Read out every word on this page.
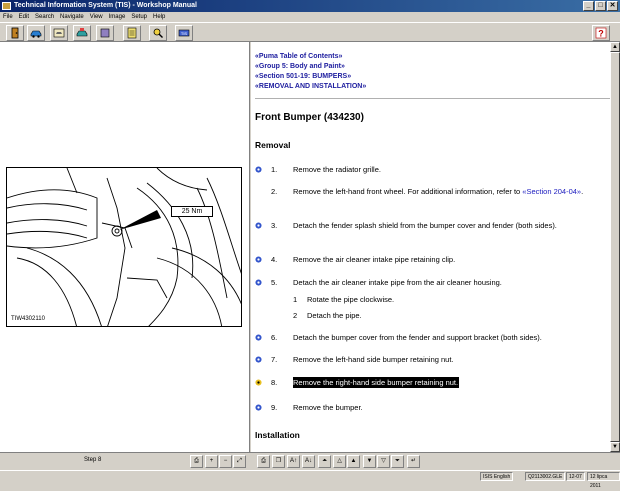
Technical Information System (TIS) - Workshop Manual	_	□ ✕
File	Edit	Search	Navigate	View	Image	Setup	Help
TIS	?
25 Nm
TIW4302110
«Puma Table of Contents»
«Group 5: Body and Paint»
«Section 501-19: BUMPERS»
«REMOVAL AND INSTALLATION»
Front Bumper (434230)
Removal
1. Remove the radiator grille.
2. Remove the left-hand front wheel. For additional information, refer to «Section 204-04».
3. Detach the fender splash shield from the bumper cover and fender (both sides).
4. Remove the air cleaner intake pipe retaining clip.
5. Detach the air cleaner intake pipe from the air cleaner housing.
1 Rotate the pipe clockwise.
2 Detach the pipe.
6. Detach the bumper cover from the fender and support bracket (both sides).
7. Remove the left-hand side bumper retaining nut.
8. Remove the right-hand side bumper retaining nut.
9. Remove the bumper.
Installation
▲
▼
Step 8	⎙	+	−	⤢	⎙	❐	A↑	A↓	⏶	△	▲	▼	▽	⏷	↵
ISIS English	Q2113002.GLE	12-07	12 lipca 2011
